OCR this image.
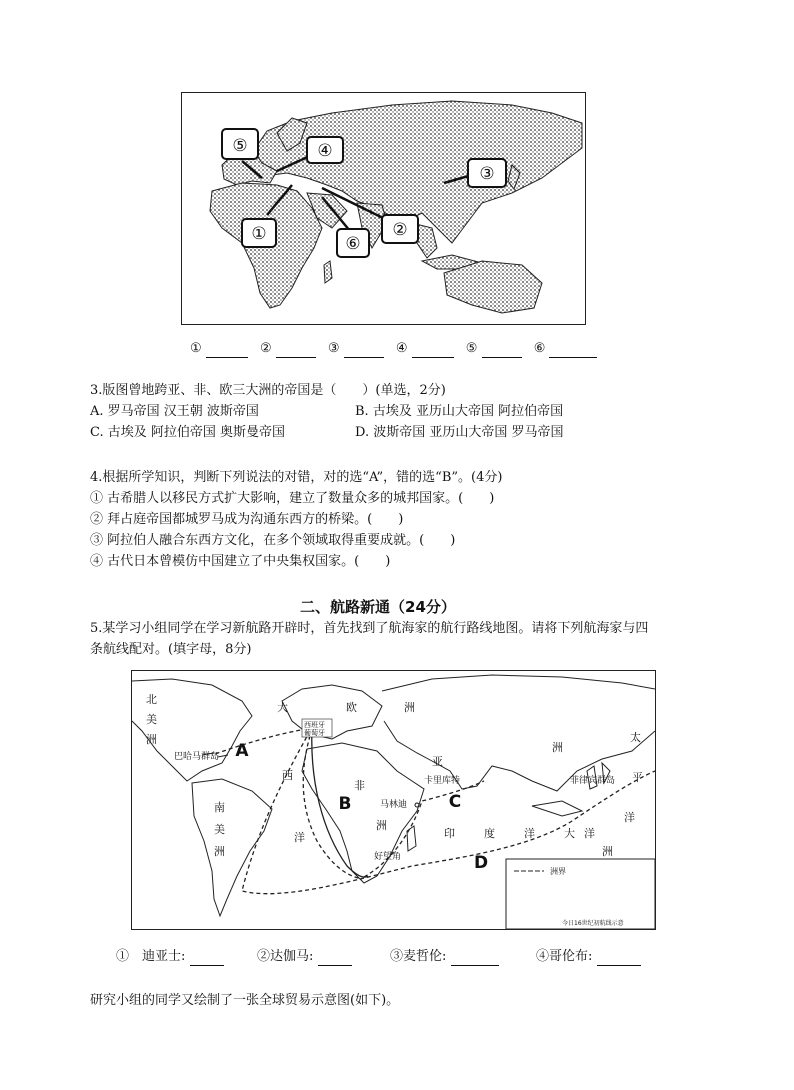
⑤	④
③
②
①	⑥
①	②	③	④	⑤	⑥
3.版图曾地跨亚、非、欧三大洲的帝国是（　　）(单选，2分)
A. 罗马帝国 汉王朝 波斯帝国	B. 古埃及 亚历山大帝国 阿拉伯帝国
C. 古埃及 阿拉伯帝国 奥斯曼帝国	D. 波斯帝国 亚历山大帝国 罗马帝国
4.根据所学知识，判断下列说法的对错，对的选“A”，错的选“B”。(4分)
① 古希腊人以移民方式扩大影响，建立了数量众多的城邦国家。(　　)
② 拜占庭帝国都城罗马成为沟通东西方的桥梁。(　　)
③ 阿拉伯人融合东西方文化，在多个领域取得重要成就。(　　)
④ 古代日本曾模仿中国建立了中央集权国家。(　　)
二、航路新通（24分）
5.某学习小组同学在学习新航路开辟时，首先找到了航海家的航行路线地图。请将下列航海家与四
条航线配对。(填字母，8分)
A
B	C
D
巴哈马群岛
西班牙
葡萄牙
马林迪
卡里库特
好望角
菲律宾群岛
北
美
洲
南
美
洲
大
西
洋
欧	洲
亚
洲
非
洲
印	度	洋
太
平
洋
大 洋
洲
洲界
今日16世纪初航线示意
①　迪亚士:	②达伽马:	③麦哲伦:	④哥伦布:
研究小组的同学又绘制了一张全球贸易示意图(如下)。
